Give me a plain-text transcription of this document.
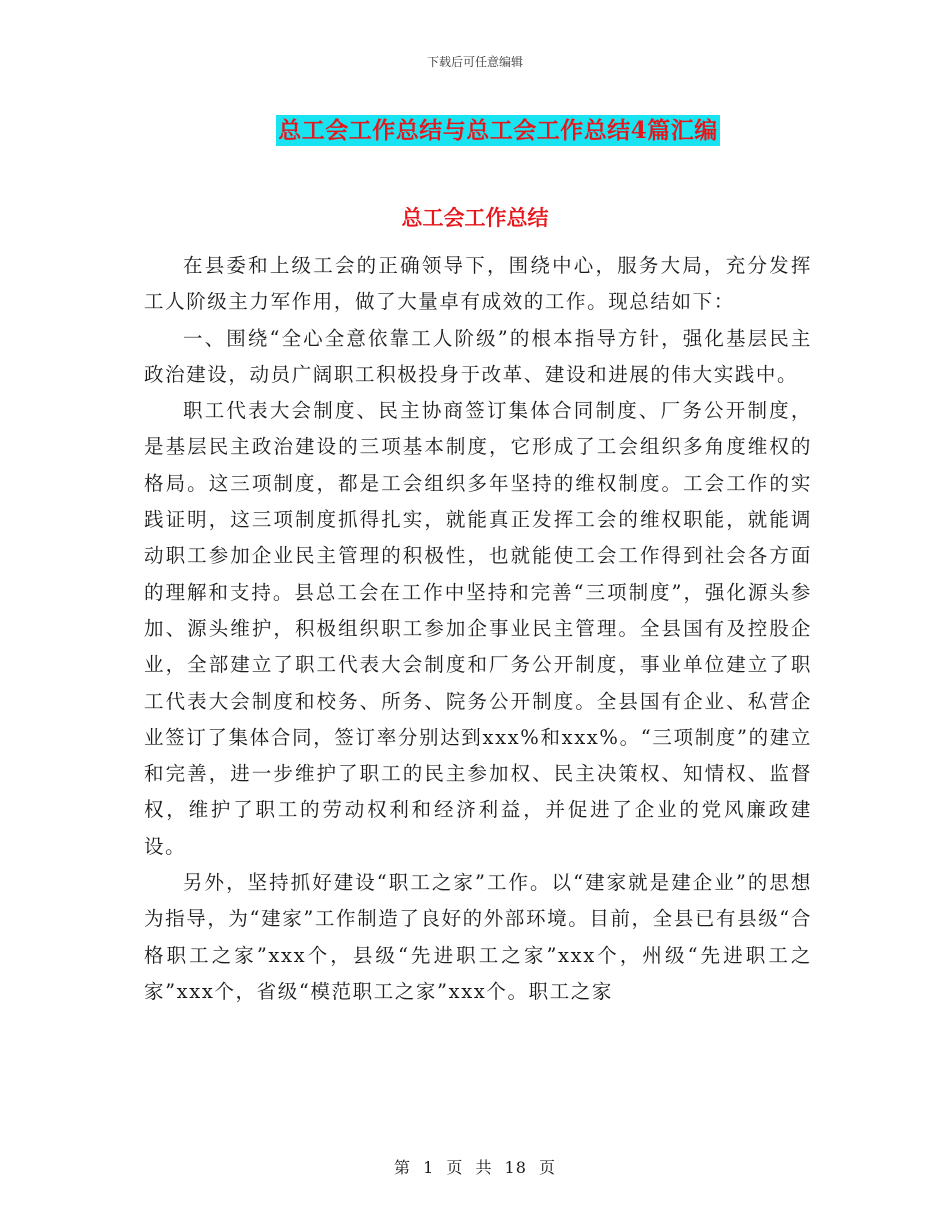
下载后可任意编辑
总工会工作总结与总工会工作总结4篇汇编
总工会工作总结

在县委和上级工会的正确领导下，围绕中心，服务大局，充分发挥工人阶级主力军作用，做了大量卓有成效的工作。现总结如下：

一、围绕“全心全意依靠工人阶级”的根本指导方针，强化基层民主政治建设，动员广阔职工积极投身于改革、建设和进展的伟大实践中。

职工代表大会制度、民主协商签订集体合同制度、厂务公开制度，是基层民主政治建设的三项基本制度，它形成了工会组织多角度维权的格局。这三项制度，都是工会组织多年坚持的维权制度。工会工作的实践证明，这三项制度抓得扎实，就能真正发挥工会的维权职能，就能调动职工参加企业民主管理的积极性，也就能使工会工作得到社会各方面的理解和支持。县总工会在工作中坚持和完善“三项制度”，强化源头参加、源头维护，积极组织职工参加企事业民主管理。全县国有及控股企业，全部建立了职工代表大会制度和厂务公开制度，事业单位建立了职工代表大会制度和校务、所务、院务公开制度。全县国有企业、私营企业签订了集体合同，签订率分别达到xxx%和xxx%。“三项制度”的建立和完善，进一步维护了职工的民主参加权、民主决策权、知情权、监督权，维护了职工的劳动权利和经济利益，并促进了企业的党风廉政建设。

另外，坚持抓好建设“职工之家”工作。以“建家就是建企业”的思想为指导，为“建家”工作制造了良好的外部环境。目前，全县已有县级“合格职工之家”xxx个，县级“先进职工之家”xxx个，州级“先进职工之家”xxx个，省级“模范职工之家”xxx个。职工之家

第 1 页 共 18 页
